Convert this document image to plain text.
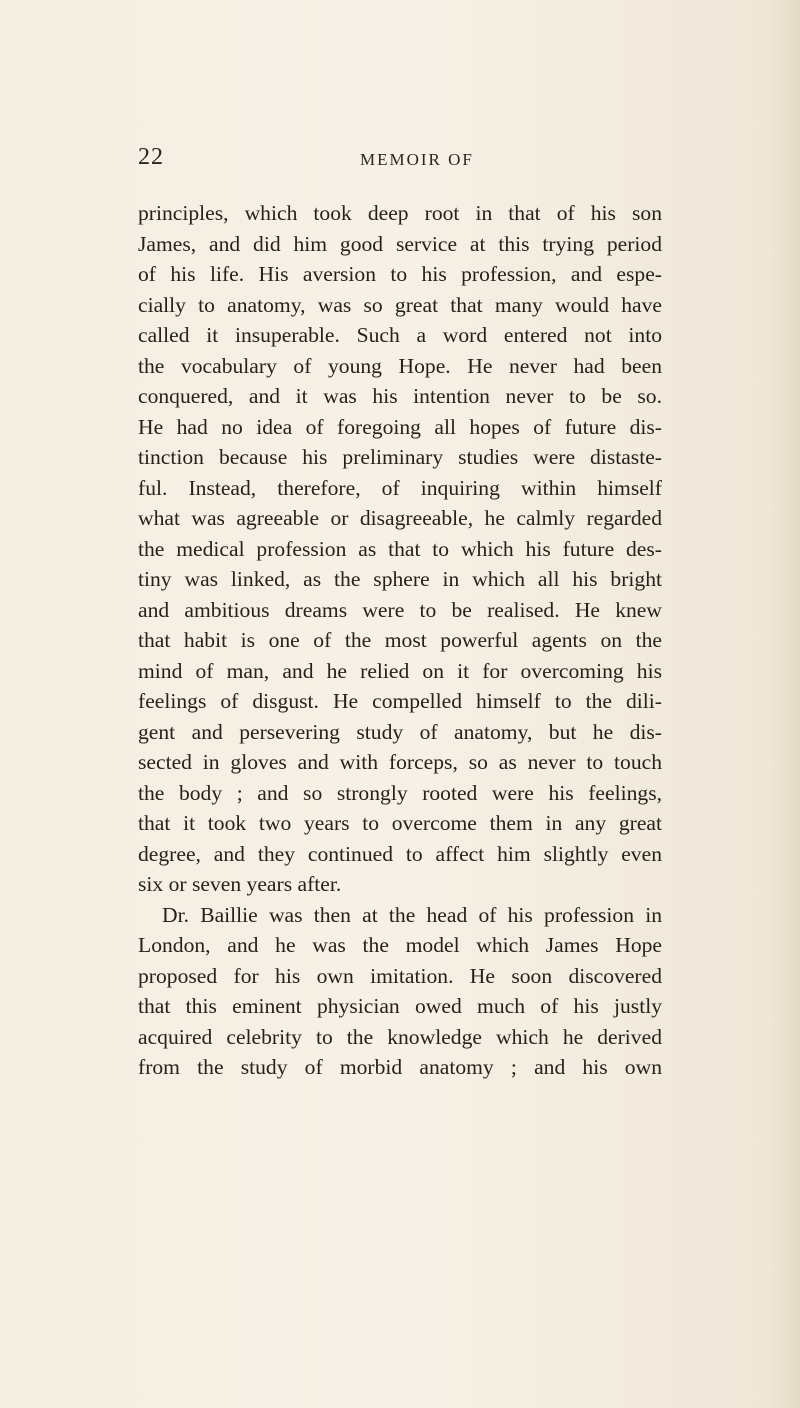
22	MEMOIR OF
principles, which took deep root in that of his son
James, and did him good service at this trying period
of his life. His aversion to his profession, and espe-
cially to anatomy, was so great that many would have
called it insuperable. Such a word entered not into
the vocabulary of young Hope. He never had been
conquered, and it was his intention never to be so.
He had no idea of foregoing all hopes of future dis-
tinction because his preliminary studies were distaste-
ful. Instead, therefore, of inquiring within himself
what was agreeable or disagreeable, he calmly regarded
the medical profession as that to which his future des-
tiny was linked, as the sphere in which all his bright
and ambitious dreams were to be realised. He knew
that habit is one of the most powerful agents on the
mind of man, and he relied on it for overcoming his
feelings of disgust. He compelled himself to the dili-
gent and persevering study of anatomy, but he dis-
sected in gloves and with forceps, so as never to touch
the body ; and so strongly rooted were his feelings,
that it took two years to overcome them in any great
degree, and they continued to affect him slightly even
six or seven years after.
Dr. Baillie was then at the head of his profession in
London, and he was the model which James Hope
proposed for his own imitation. He soon discovered
that this eminent physician owed much of his justly
acquired celebrity to the knowledge which he derived
from the study of morbid anatomy ; and his own
